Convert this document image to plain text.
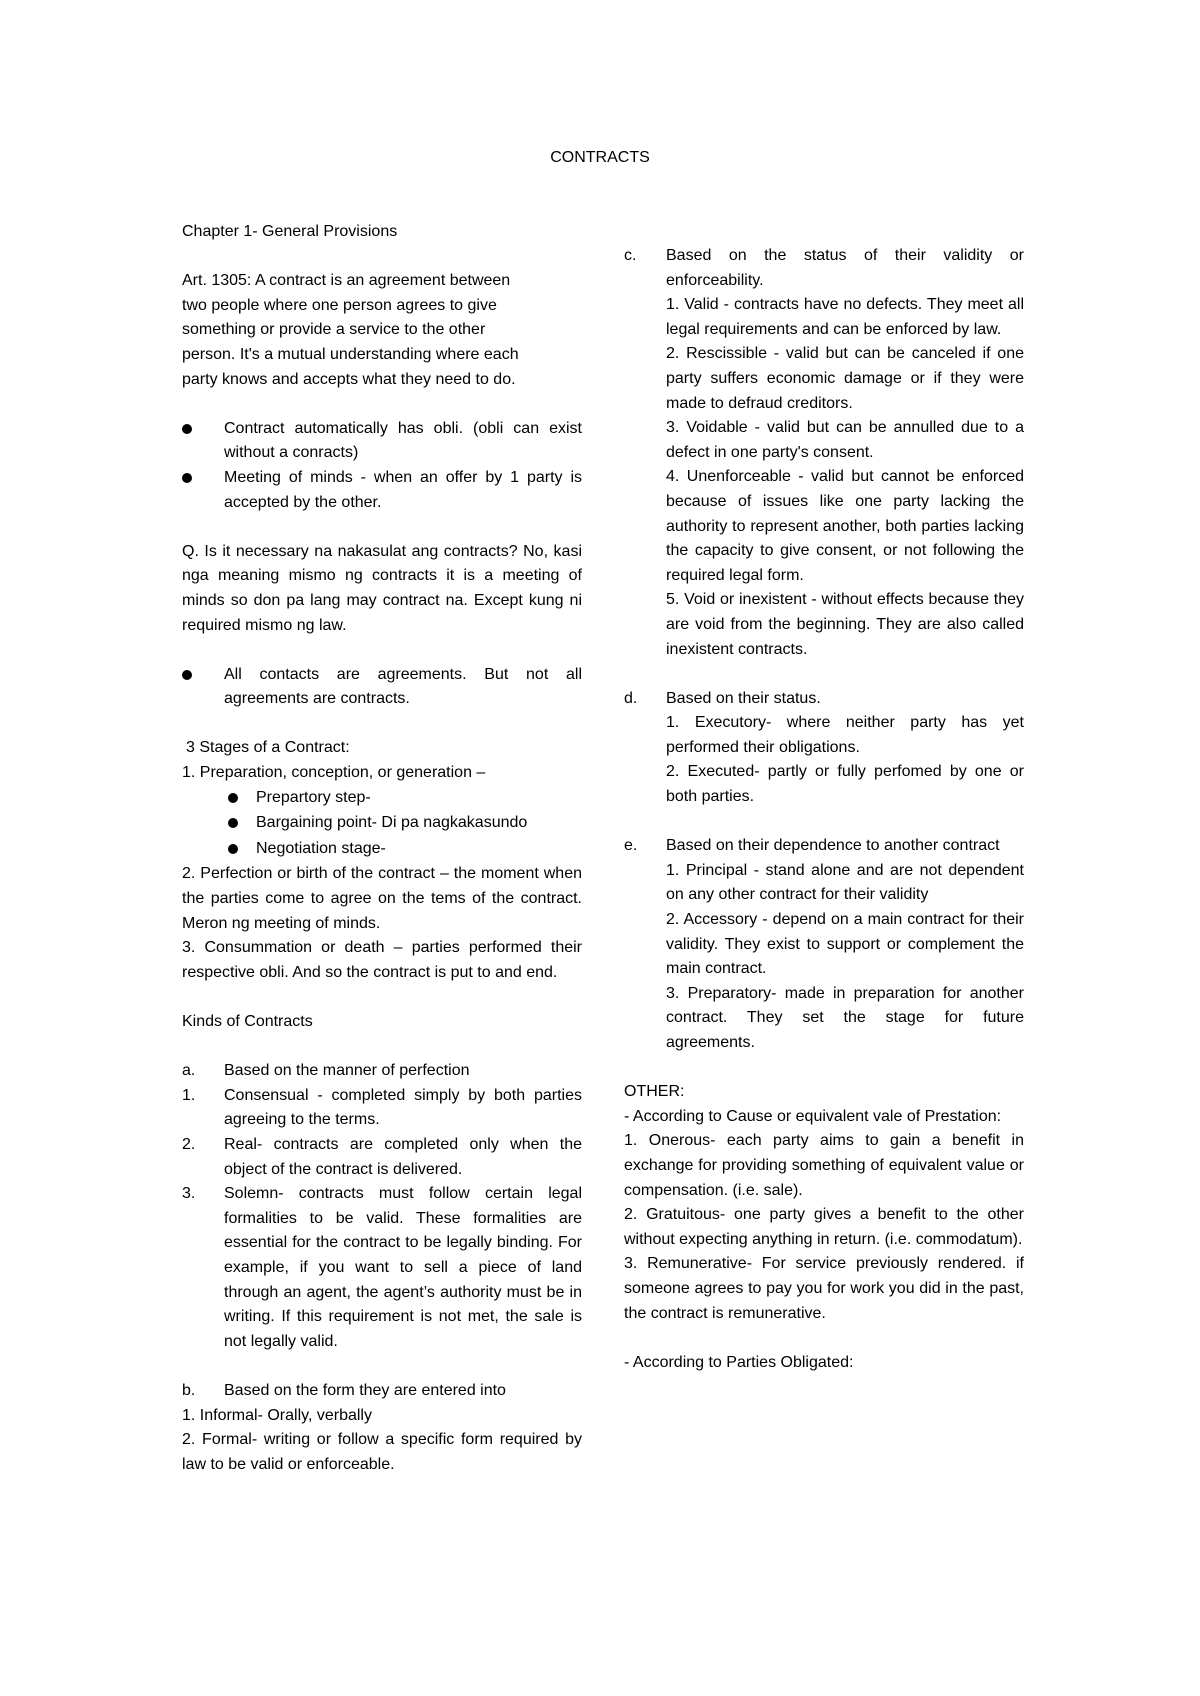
CONTRACTS

Chapter 1- General Provisions

Art. 1305: A contract is an agreement between

two people where one person agrees to give

something or provide a service to the other

person. It's a mutual understanding where each

party knows and accepts what they need to do.

Contract automatically has obli. (obli can exist without a conracts)
Meeting of minds - when an offer by 1 party is accepted by the other.

Q. Is it necessary na nakasulat ang contracts? No, kasi nga meaning mismo ng contracts it is a meeting of minds so don pa lang may contract na. Except kung ni required mismo ng law.

All contacts are agreements. But not all agreements are contracts.

3 Stages of a Contract:

1. Preparation, conception, or generation –

Prepartory step-
Bargaining point- Di pa nagkakasundo
Negotiation stage-

2. Perfection or birth of the contract – the moment when the parties come to agree on the tems of the contract. Meron ng meeting of minds.

3. Consummation or death – parties performed their respective obli. And so the contract is put to and end.

Kinds of Contracts

a.	Based on the manner of perfection
1.	Consensual - completed simply by both parties agreeing to the terms.
2.	Real- contracts are completed only when the object of the contract is delivered.
3.	Solemn- contracts must follow certain legal formalities to be valid. These formalities are essential for the contract to be legally binding. For example, if you want to sell a piece of land through an agent, the agent’s authority must be in writing. If this requirement is not met, the sale is not legally valid.
b.	Based on the form they are entered into

1. Informal- Orally, verbally

2. Formal- writing or follow a specific form required by law to be valid or enforceable.

c.	Based on the status of their validity or enforceability.

1. Valid - contracts have no defects. They meet all legal requirements and can be enforced by law.

2. Rescissible - valid but can be canceled if one party suffers economic damage or if they were made to defraud creditors.

3. Voidable - valid but can be annulled due to a defect in one party's consent.

4. Unenforceable - valid but cannot be enforced because of issues like one party lacking the authority to represent another, both parties lacking the capacity to give consent, or not following the required legal form.

5. Void or inexistent - without effects because they are void from the beginning. They are also called inexistent contracts.

d.	Based on their status.

1. Executory- where neither party has yet performed their obligations.

2. Executed- partly or fully perfomed by one or both parties.

e.	Based on their dependence to another contract

1. Principal - stand alone and are not dependent on any other contract for their validity

2. Accessory - depend on a main contract for their validity. They exist to support or complement the main contract.

3. Preparatory- made in preparation for another contract. They set the stage for future agreements.

OTHER:

- According to Cause or equivalent vale of Prestation:

1. Onerous- each party aims to gain a benefit in exchange for providing something of equivalent value or compensation. (i.e. sale).

2. Gratuitous- one party gives a benefit to the other without expecting anything in return. (i.e. commodatum).

3. Remunerative- For service previously rendered. if someone agrees to pay you for work you did in the past, the contract is remunerative.

- According to Parties Obligated:
